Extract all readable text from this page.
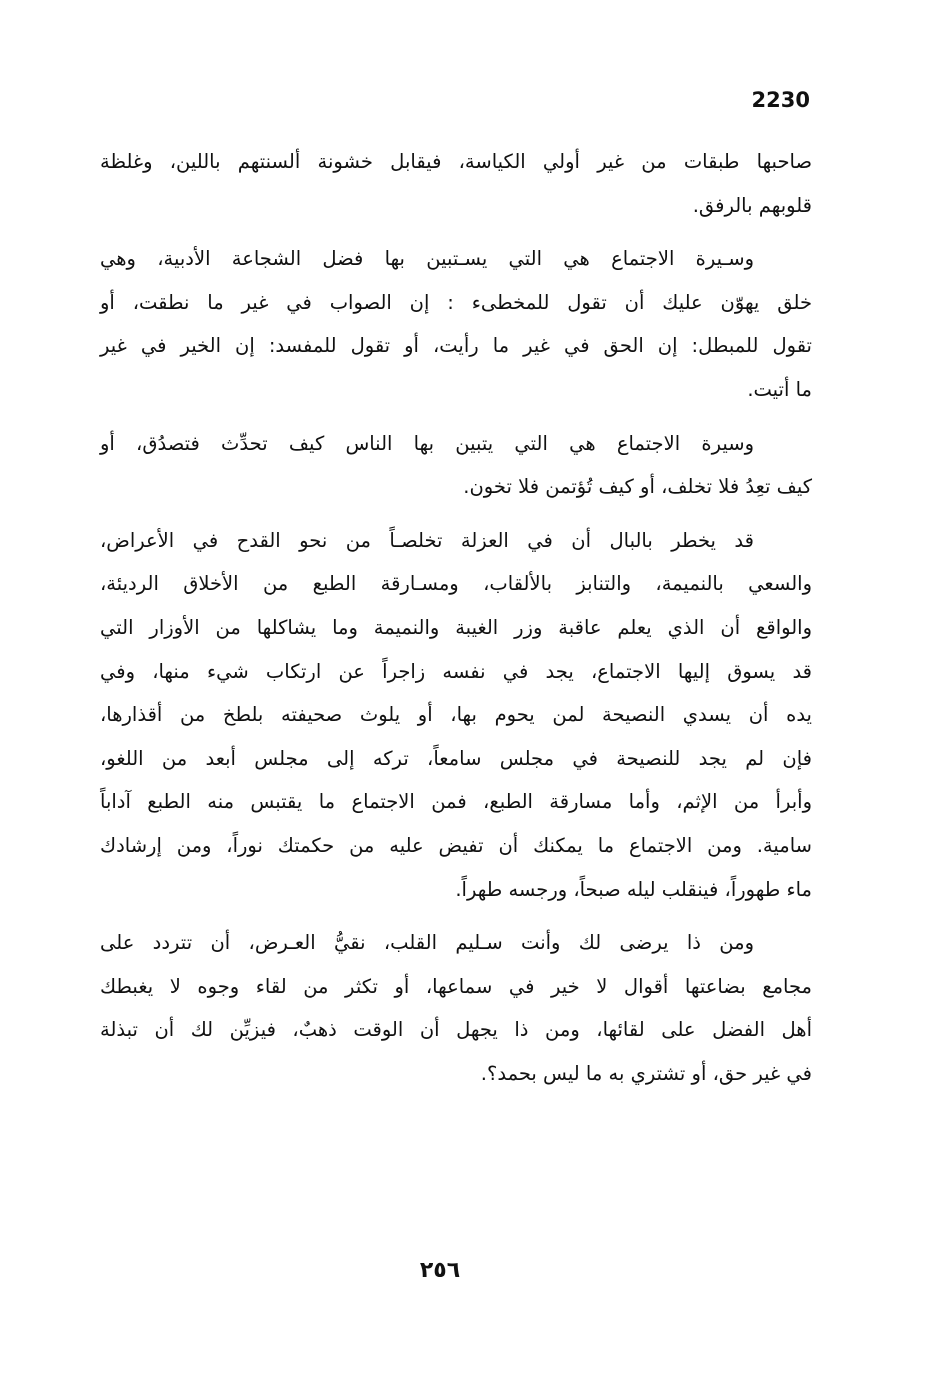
2230
صاحبها طبقات من غير أولي الكياسة، فيقابل خشونة ألسنتهم باللين، وغلظة
قلوبهم بالرفق.
وسـيرة الاجتماع هي التي يسـتبين بها فضل الشجاعة الأدبية، وهي
خلق يهوّن عليك أن تقول للمخطىء : إن الصواب في غير ما نطقت، أو
تقول للمبطل: إن الحق في غير ما رأيت، أو تقول للمفسد: إن الخير في غير
ما أتيت.
وسيرة الاجتماع هي التي يتبين بها الناس كيف تحدِّث فتصدُق، أو
كيف تعِدُ فلا تخلف، أو كيف تُؤتمن فلا تخون.
قد يخطر بالبال أن في العزلة تخلصـاً من نحو القدح في الأعراض،
والسعي بالنميمة، والتنابز بالألقاب، ومسـارقة الطبع من الأخلاق الرديئة،
والواقع أن الذي يعلم عاقبة وزر الغيبة والنميمة وما يشاكلها من الأوزار التي
قد يسوق إليها الاجتماع، يجد في نفسه زاجراً عن ارتكاب شيء منها، وفي
يده أن يسدي النصيحة لمن يحوم بها، أو يلوث صحيفته بلطخ من أقذارها،
فإن لم يجد للنصيحة في مجلس سامعاً، تركه إلى مجلس أبعد من اللغو،
وأبرأ من الإثم، وأما مسارقة الطبع، فمن الاجتماع ما يقتبس منه الطبع آداباً
سامية. ومن الاجتماع ما يمكنك أن تفيض عليه من حكمتك نوراً، ومن إرشادك
ماء طهوراً، فينقلب ليله صبحاً، ورجسه طهراً.
ومن ذا يرضى لك وأنت سـليم القلب، نقيُّ العـرض، أن تتردد على
مجامع بضاعتها أقوال لا خير في سماعها، أو تكثر من لقاء وجوه لا يغبطك
أهل الفضل على لقائها، ومن ذا يجهل أن الوقت ذهبٌ، فيزيِّن لك أن تبذلة
في غير حق، أو تشتري به ما ليس بحمد؟.
٢٥٦
